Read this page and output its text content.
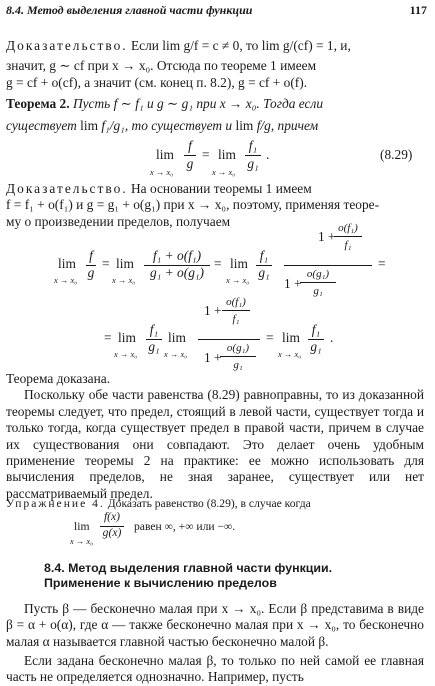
8.4. Метод выделения главной части функции	117
Доказательство. Если lim g/f = c ≠ 0, то lim g/(cf) = 1, и,
значит, g ∼ cf при x → x₀. Отсюда по теореме 1 имеем
g = cf + o(cf), а значит (см. конец п. 8.2), g = cf + o(f).
Теорема 2. Пусть f ∼ f₁ и g ∼ g₁ при x → x₀. Тогда если
существует lim f₁/g₁, то существует и lim f/g, причем
lim
x → x₀
f
g
= lim
x → x₀
f₁
g₁
.	(8.29)
Доказательство. На основании теоремы 1 имеем
f = f₁ + o(f₁) и g = g₁ + o(g₁) при x → x₀, поэтому, применяя теоре-
му о произведении пределов, получаем
lim
x → x₀
f
g
= lim
x → x₀
f₁ + o(f₁)
g₁ + o(g₁)
= lim
x → x₀
f₁
g₁
1 +
o(f₁)
f₁
1 +
o(g₁)
g₁
=
= lim
x → x₀
f₁
g₁
lim
x → x₀
1 +
o(f₁)
f₁
1 +
o(g₁)
g₁
= lim
x → x₀
f₁
g₁
.
Теорема доказана.
Поскольку обе части равенства (8.29) равноправны, то из доказанной теоремы следует, что предел, стоящий в левой части, существует тогда и только тогда, когда существует предел в правой части, причем в случае их существования они совпадают. Это делает очень удобным применение теоремы 2 на практике: ее можно использовать для вычисления пределов, не зная заранее, существует или нет рассматриваемый предел.
Упражнение 4. Доказать равенство (8.29), в случае когда
lim
x → x₀
f(x)
g(x) равен ∞, +∞ или −∞.
8.4. Метод выделения главной части функции.
Применение к вычислению пределов
Пусть β — бесконечно малая при x → x₀. Если β представима в виде β = α + o(α), где α — также бесконечно малая при x → x₀, то бесконечно малая α называется главной частью бесконечно малой β.
Если задана бесконечно малая β, то только по ней самой ее главная часть не определяется однозначно. Например, пусть
